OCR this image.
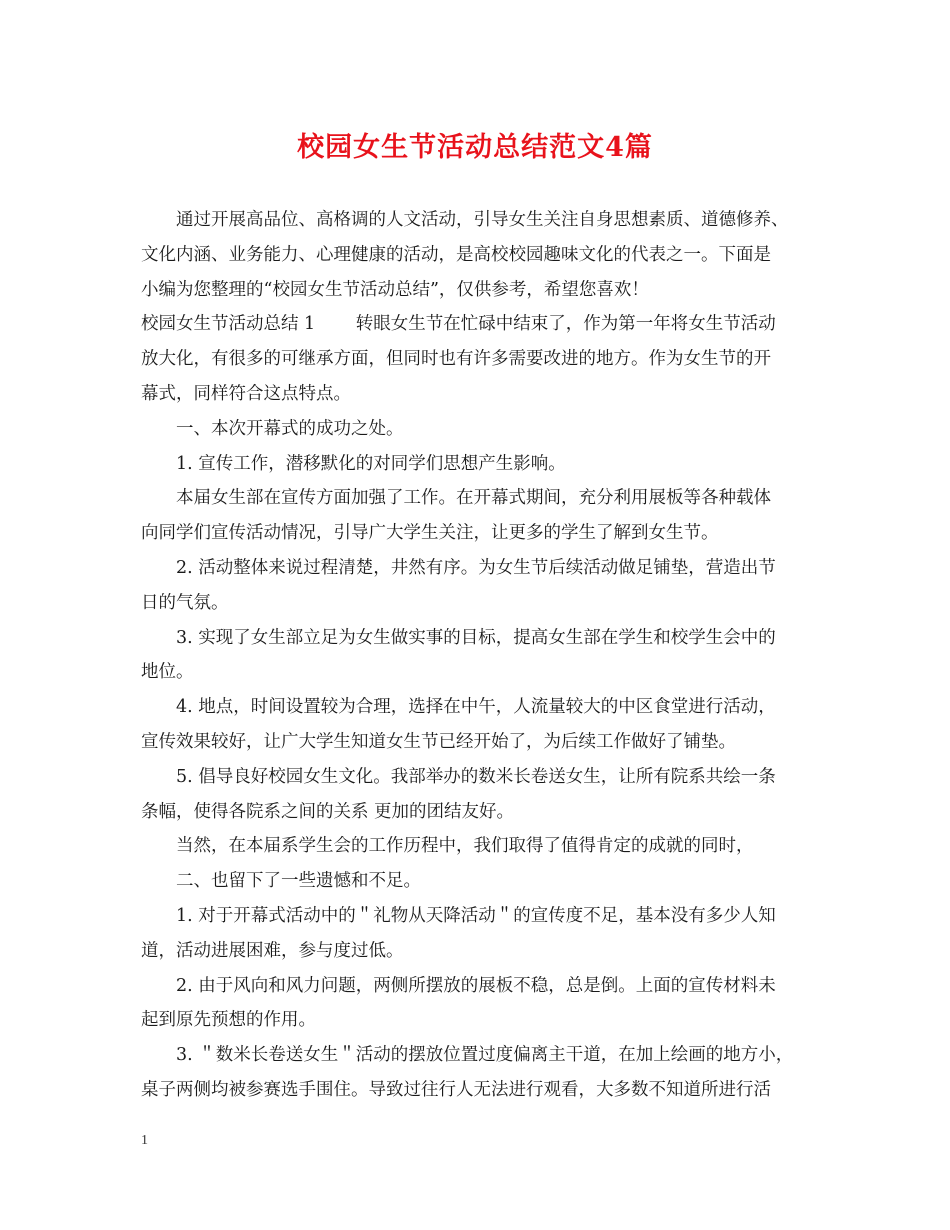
校园女生节活动总结范文4篇
通过开展高品位、高格调的人文活动，引导女生关注自身思想素质、道德修养、
文化内涵、业务能力、心理健康的活动，是高校校园趣味文化的代表之一。下面是
小编为您整理的“校园女生节活动总结”，仅供参考，希望您喜欢！
校园女生节活动总结 1　　 转眼女生节在忙碌中结束了，作为第一年将女生节活动
放大化，有很多的可继承方面，但同时也有许多需要改进的地方。作为女生节的开
幕式，同样符合这点特点。
一、本次开幕式的成功之处。
1. 宣传工作，潜移默化的对同学们思想产生影响。
本届女生部在宣传方面加强了工作。在开幕式期间，充分利用展板等各种载体
向同学们宣传活动情况，引导广大学生关注，让更多的学生了解到女生节。
2. 活动整体来说过程清楚，井然有序。为女生节后续活动做足铺垫，营造出节
日的气氛。
3. 实现了女生部立足为女生做实事的目标，提高女生部在学生和校学生会中的
地位。
4. 地点，时间设置较为合理，选择在中午，人流量较大的中区食堂进行活动，
宣传效果较好，让广大学生知道女生节已经开始了，为后续工作做好了铺垫。
5. 倡导良好校园女生文化。我部举办的数米长卷送女生，让所有院系共绘一条
条幅，使得各院系之间的关系 更加的团结友好。
当然，在本届系学生会的工作历程中，我们取得了值得肯定的成就的同时，
二、也留下了一些遗憾和不足。
1. 对于开幕式活动中的＂礼物从天降活动＂的宣传度不足，基本没有多少人知
道，活动进展困难，参与度过低。
2. 由于风向和风力问题，两侧所摆放的展板不稳，总是倒。上面的宣传材料未
起到原先预想的作用。
3. ＂数米长卷送女生＂活动的摆放位置过度偏离主干道，在加上绘画的地方小，
桌子两侧均被参赛选手围住。导致过往行人无法进行观看，大多数不知道所进行活
1
